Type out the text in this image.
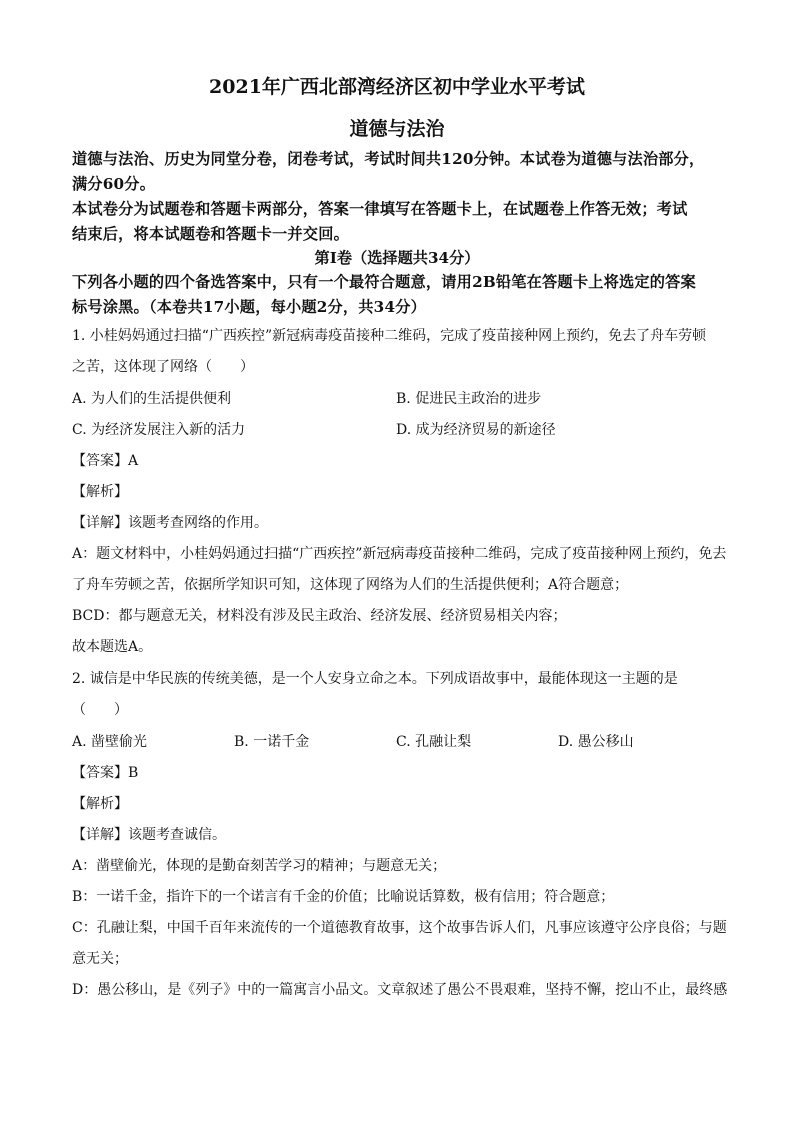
2021年广西北部湾经济区初中学业水平考试
道德与法治
道德与法治、历史为同堂分卷，闭卷考试，考试时间共120分钟。本试卷为道德与法治部分，
满分60分。
本试卷分为试题卷和答题卡两部分，答案一律填写在答题卡上，在试题卷上作答无效；考试
结束后，将本试题卷和答题卡一并交回。
第Ⅰ卷（选择题共34分）
下列各小题的四个备选答案中，只有一个最符合题意，请用2B铅笔在答题卡上将选定的答案
标号涂黑。（本卷共17小题，每小题2分，共34分）
1. 小桂妈妈通过扫描“广西疾控”新冠病毒疫苗接种二维码，完成了疫苗接种网上预约，免去了舟车劳顿
之苦，这体现了网络（　　）
A. 为人们的生活提供便利	B. 促进民主政治的进步
C. 为经济发展注入新的活力	D. 成为经济贸易的新途径
【答案】A
【解析】
【详解】该题考查网络的作用。
A：题文材料中，小桂妈妈通过扫描“广西疾控”新冠病毒疫苗接种二维码，完成了疫苗接种网上预约，免去
了舟车劳顿之苦，依据所学知识可知，这体现了网络为人们的生活提供便利；A符合题意；
BCD：都与题意无关，材料没有涉及民主政治、经济发展、经济贸易相关内容；
故本题选A。
2. 诚信是中华民族的传统美德，是一个人安身立命之本。下列成语故事中，最能体现这一主题的是
（　　）
A. 凿壁偷光	B. 一诺千金	C. 孔融让梨	D. 愚公移山
【答案】B
【解析】
【详解】该题考查诚信。
A：凿壁偷光，体现的是勤奋刻苦学习的精神；与题意无关；
B：一诺千金，指许下的一个诺言有千金的价值；比喻说话算数，极有信用；符合题意；
C：孔融让梨，中国千百年来流传的一个道德教育故事，这个故事告诉人们，凡事应该遵守公序良俗；与题
意无关；
D：愚公移山，是《列子》中的一篇寓言小品文。文章叙述了愚公不畏艰难，坚持不懈，挖山不止，最终感
